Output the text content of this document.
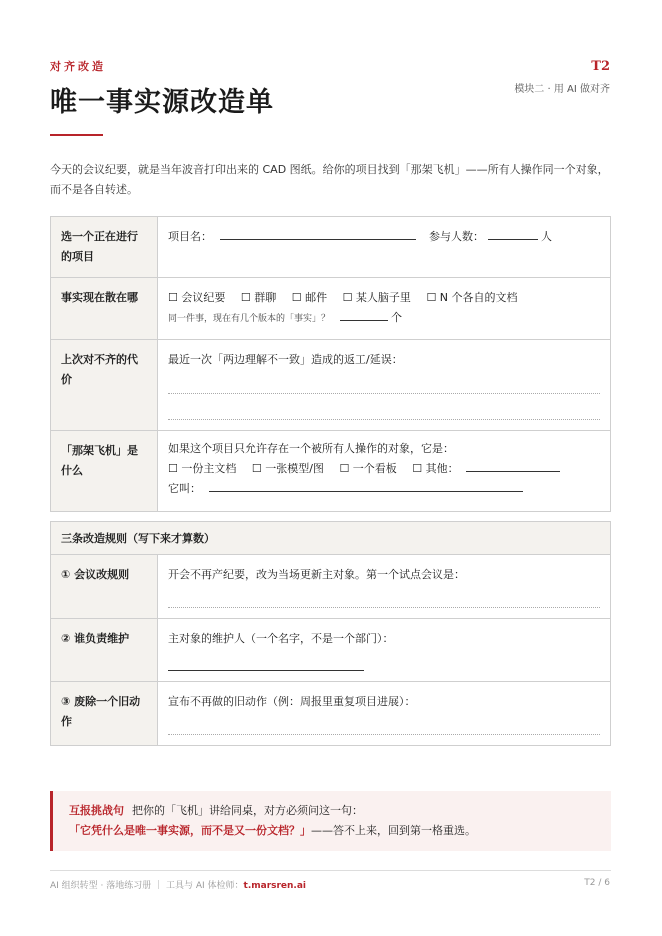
对齐改造
唯一事实源改造单
T2
模块二 · 用 AI 做对齐
今天的会议纪要，就是当年波音打印出来的 CAD 图纸。给你的项目找到「那架飞机」——所有人操作同一个对象，而不是各自转述。
选一个正在进行的项目	项目名： 参与人数： 人

事实现在散在哪	☐ 会议纪要 ☐ 群聊 ☐ 邮件 ☐ 某人脑子里 ☐ N 个各自的文档
同一件事，现在有几个版本的「事实」？ 个

上次对不齐的代价	最近一次「两边理解不一致」造成的返工/延误：

「那架飞机」是什么	如果这个项目只允许存在一个被所有人操作的对象，它是：
☐ 一份主文档 ☐ 一张模型/图 ☐ 一个看板 ☐ 其他：
它叫：
三条改造规则（写下来才算数）	
① 会议改规则	开会不再产纪要，改为当场更新主对象。第一个试点会议是：

② 谁负责维护	主对象的维护人（一个名字，不是一个部门）：

③ 废除一个旧动作	宣布不再做的旧动作（例：周报里重复项目进展）：
互报挑战句 把你的「飞机」讲给同桌，对方必须问这一句：「它凭什么是唯一事实源，而不是又一份文档？」——答不上来，回到第一格重选。
AI 组织转型 · 落地练习册 ｜ 工具与 AI 体检师：t.marsren.ai	T2 / 6
